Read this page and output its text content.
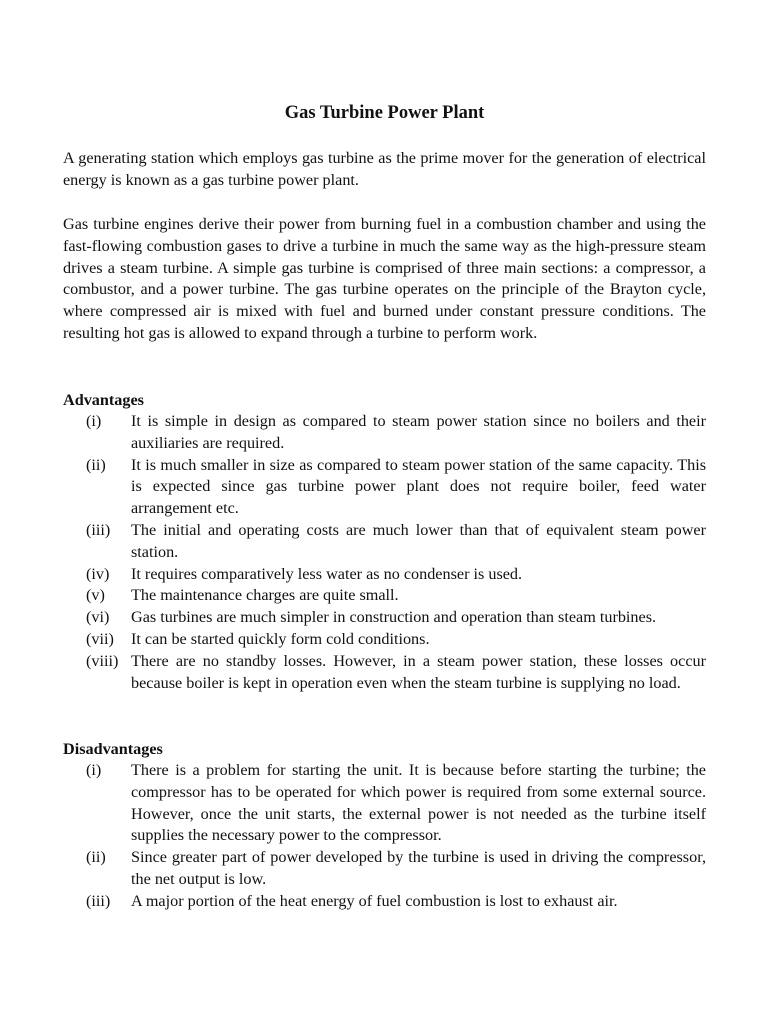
Gas Turbine Power Plant

A generating station which employs gas turbine as the prime mover for the generation of electrical energy is known as a gas turbine power plant.

Gas turbine engines derive their power from burning fuel in a combustion chamber and using the fast-flowing combustion gases to drive a turbine in much the same way as the high-pressure steam drives a steam turbine. A simple gas turbine is comprised of three main sections: a compressor, a combustor, and a power turbine. The gas turbine operates on the principle of the Brayton cycle, where compressed air is mixed with fuel and burned under constant pressure conditions. The resulting hot gas is allowed to expand through a turbine to perform work.

Advantages
(i) It is simple in design as compared to steam power station since no boilers and their auxiliaries are required.
(ii) It is much smaller in size as compared to steam power station of the same capacity. This is expected since gas turbine power plant does not require boiler, feed water arrangement etc.
(iii) The initial and operating costs are much lower than that of equivalent steam power station.
(iv) It requires comparatively less water as no condenser is used.
(v) The maintenance charges are quite small.
(vi) Gas turbines are much simpler in construction and operation than steam turbines.
(vii) It can be started quickly form cold conditions.
(viii) There are no standby losses. However, in a steam power station, these losses occur because boiler is kept in operation even when the steam turbine is supplying no load.
Disadvantages
(i) There is a problem for starting the unit. It is because before starting the turbine; the compressor has to be operated for which power is required from some external source. However, once the unit starts, the external power is not needed as the turbine itself supplies the necessary power to the compressor.
(ii) Since greater part of power developed by the turbine is used in driving the compressor, the net output is low.
(iii) A major portion of the heat energy of fuel combustion is lost to exhaust air.
